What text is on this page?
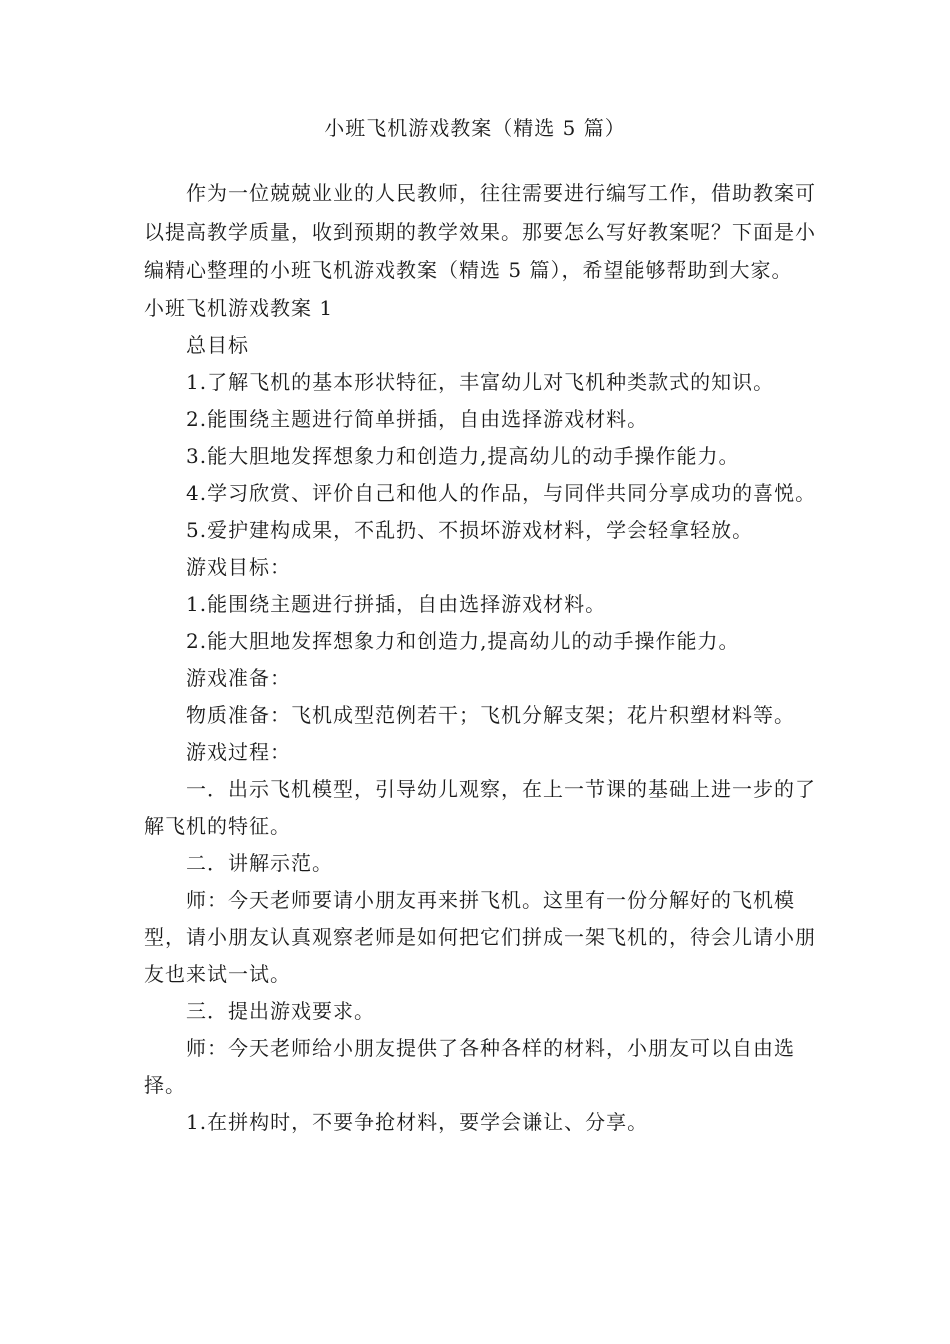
小班飞机游戏教案（精选 5 篇）

作为一位兢兢业业的人民教师，往往需要进行编写工作，借助教案可以提高教学质量，收到预期的教学效果。那要怎么写好教案呢？下面是小编精心整理的小班飞机游戏教案（精选 5 篇），希望能够帮助到大家。

小班飞机游戏教案 1

总目标

1.了解飞机的基本形状特征，丰富幼儿对飞机种类款式的知识。

2.能围绕主题进行简单拼插，自由选择游戏材料。

3.能大胆地发挥想象力和创造力,提高幼儿的动手操作能力。

4.学习欣赏、评价自己和他人的作品，与同伴共同分享成功的喜悦。

5.爱护建构成果，不乱扔、不损坏游戏材料，学会轻拿轻放。

游戏目标：

1.能围绕主题进行拼插，自由选择游戏材料。

2.能大胆地发挥想象力和创造力,提高幼儿的动手操作能力。

游戏准备：

物质准备：飞机成型范例若干；飞机分解支架；花片积塑材料等。

游戏过程：

一．出示飞机模型，引导幼儿观察，在上一节课的基础上进一步的了解飞机的特征。

二．讲解示范。

师：今天老师要请小朋友再来拼飞机。这里有一份分解好的飞机模型，请小朋友认真观察老师是如何把它们拼成一架飞机的，待会儿请小朋友也来试一试。

三．提出游戏要求。

师：今天老师给小朋友提供了各种各样的材料，小朋友可以自由选择。

1.在拼构时，不要争抢材料，要学会谦让、分享。
